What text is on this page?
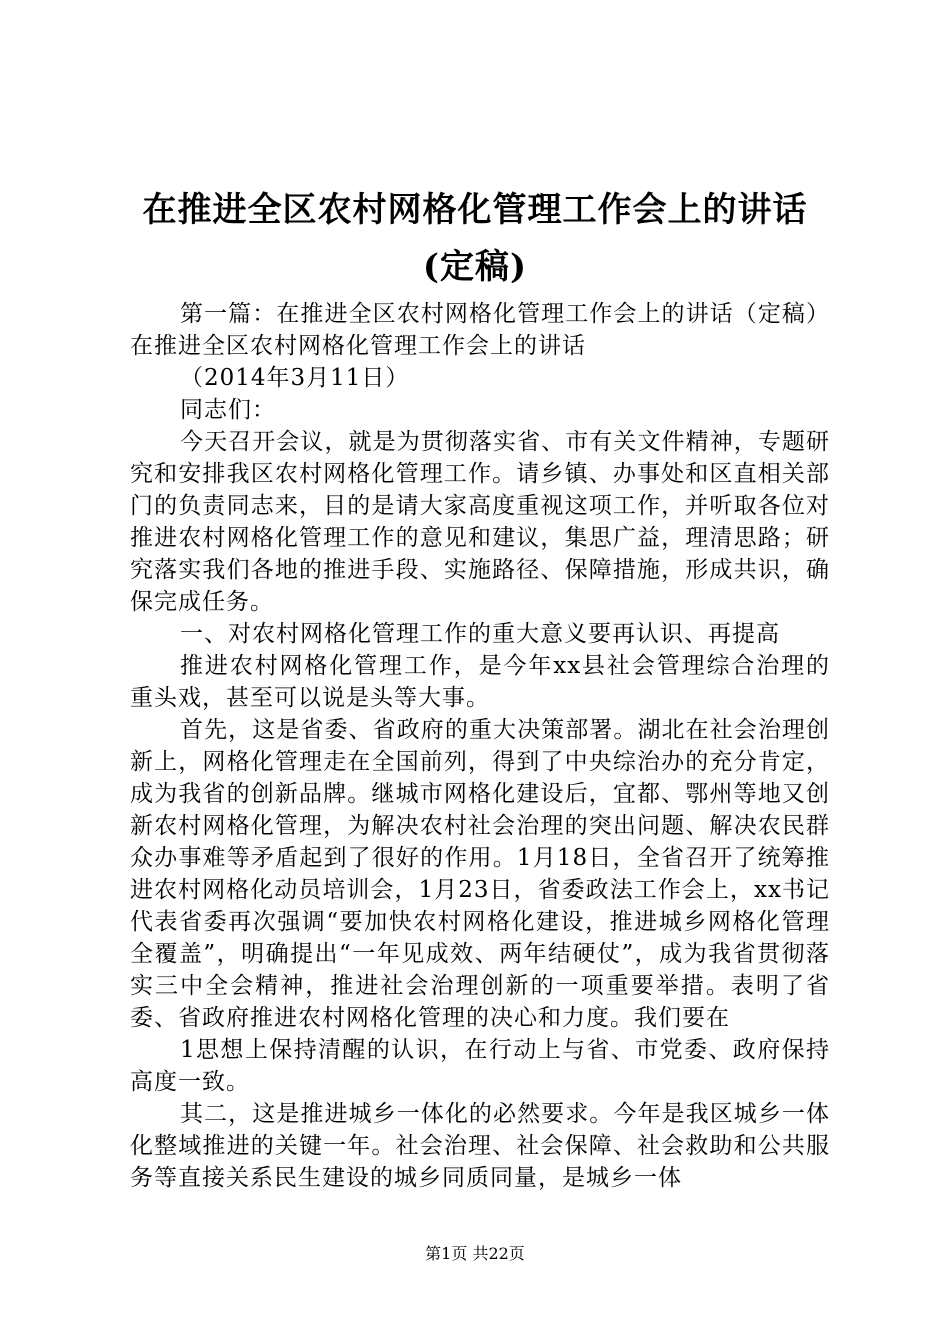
在推进全区农村网格化管理工作会上的讲话
(定稿)

第一篇：在推进全区农村网格化管理工作会上的讲话（定稿）在推进全区农村网格化管理工作会上的讲话

（2014年3月11日）

同志们：

今天召开会议，就是为贯彻落实省、市有关文件精神，专题研究和安排我区农村网格化管理工作。请乡镇、办事处和区直相关部门的负责同志来，目的是请大家高度重视这项工作，并听取各位对推进农村网格化管理工作的意见和建议，集思广益，理清思路；研究落实我们各地的推进手段、实施路径、保障措施，形成共识，确保完成任务。

一、对农村网格化管理工作的重大意义要再认识、再提高

推进农村网格化管理工作，是今年xx县社会管理综合治理的重头戏，甚至可以说是头等大事。

首先，这是省委、省政府的重大决策部署。湖北在社会治理创新上，网格化管理走在全国前列，得到了中央综治办的充分肯定，成为我省的创新品牌。继城市网格化建设后，宜都、鄂州等地又创新农村网格化管理，为解决农村社会治理的突出问题、解决农民群众办事难等矛盾起到了很好的作用。1月18日，全省召开了统筹推进农村网格化动员培训会，1月23日，省委政法工作会上，xx书记代表省委再次强调“要加快农村网格化建设，推进城乡网格化管理全覆盖”，明确提出“一年见成效、两年结硬仗”，成为我省贯彻落实三中全会精神，推进社会治理创新的一项重要举措。表明了省委、省政府推进农村网格化管理的决心和力度。我们要在

1思想上保持清醒的认识，在行动上与省、市党委、政府保持高度一致。

其二，这是推进城乡一体化的必然要求。今年是我区城乡一体化整域推进的关键一年。社会治理、社会保障、社会救助和公共服务等直接关系民生建设的城乡同质同量，是城乡一体

第1页 共22页
